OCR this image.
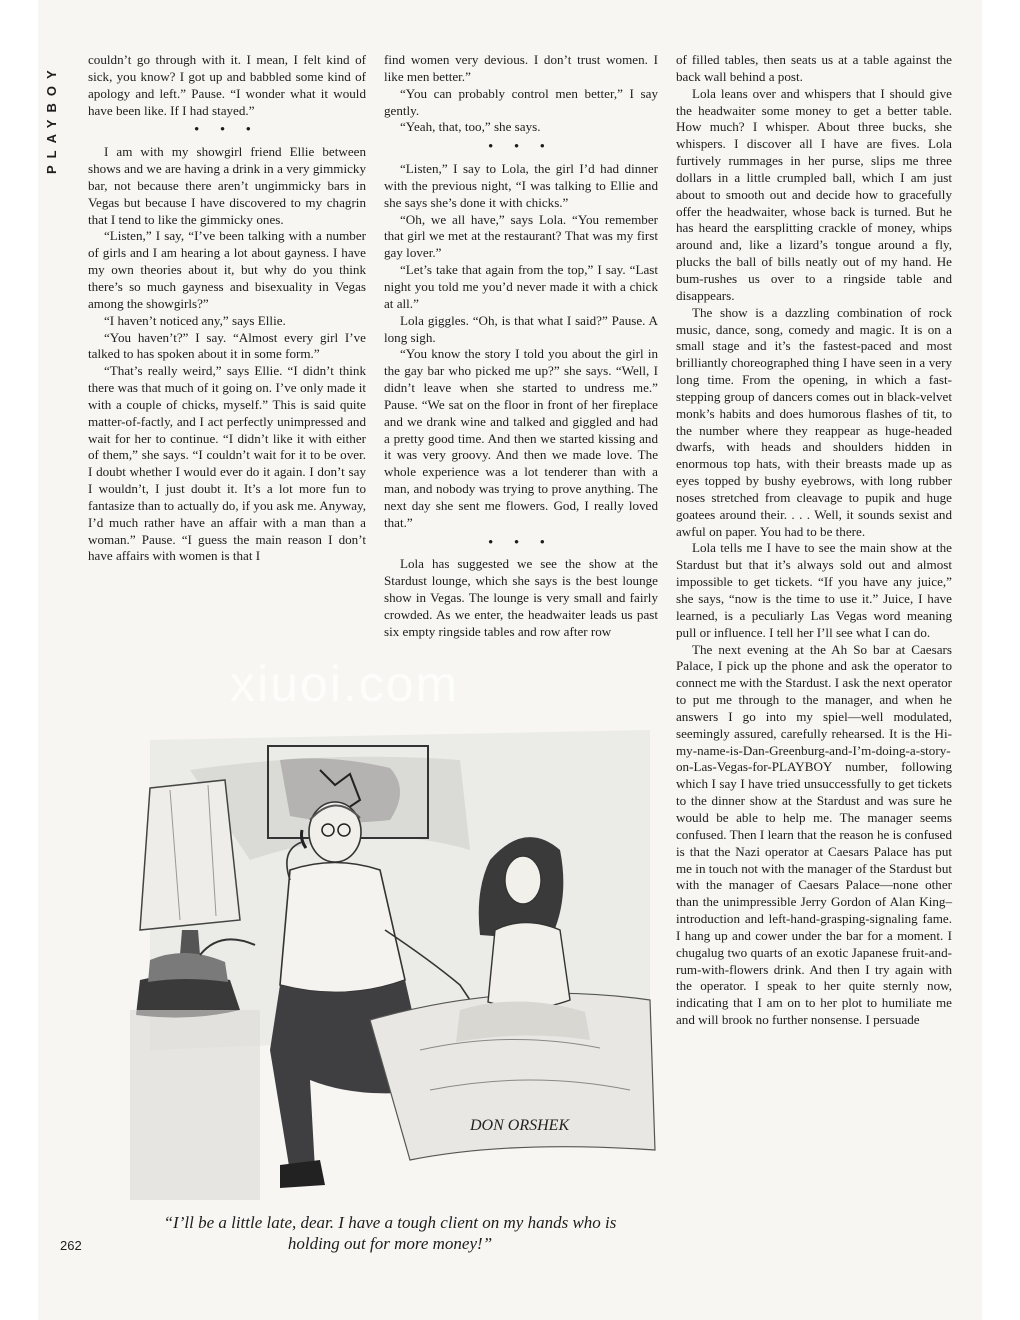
PLAYBOY

couldn’t go through with it. I mean, I felt kind of sick, you know? I got up and babbled some kind of apology and left.” Pause. “I wonder what it would have been like. If I had stayed.”

• • •

I am with my showgirl friend Ellie between shows and we are having a drink in a very gimmicky bar, not because there aren’t ungimmicky bars in Vegas but because I have discovered to my chagrin that I tend to like the gimmicky ones.

“Listen,” I say, “I’ve been talking with a number of girls and I am hearing a lot about gayness. I have my own theories about it, but why do you think there’s so much gayness and bisexuality in Vegas among the showgirls?”

“I haven’t noticed any,” says Ellie.

“You haven’t?” I say. “Almost every girl I’ve talked to has spoken about it in some form.”

“That’s really weird,” says Ellie. “I didn’t think there was that much of it going on. I’ve only made it with a couple of chicks, myself.” This is said quite matter-of-factly, and I act perfectly unimpressed and wait for her to continue. “I didn’t like it with either of them,” she says. “I couldn’t wait for it to be over. I doubt whether I would ever do it again. I don’t say I wouldn’t, I just doubt it. It’s a lot more fun to fantasize than to actually do, if you ask me. Anyway, I’d much rather have an affair with a man than a woman.” Pause. “I guess the main reason I don’t have affairs with women is that I

find women very devious. I don’t trust women. I like men better.”

“You can probably control men better,” I say gently.

“Yeah, that, too,” she says.

• • •

“Listen,” I say to Lola, the girl I’d had dinner with the previous night, “I was talking to Ellie and she says she’s done it with chicks.”

“Oh, we all have,” says Lola. “You remember that girl we met at the restaurant? That was my first gay lover.”

“Let’s take that again from the top,” I say. “Last night you told me you’d never made it with a chick at all.”

Lola giggles. “Oh, is that what I said?” Pause. A long sigh.

“You know the story I told you about the girl in the gay bar who picked me up?” she says. “Well, I didn’t leave when she started to undress me.” Pause. “We sat on the floor in front of her fireplace and we drank wine and talked and giggled and had a pretty good time. And then we started kissing and it was very groovy. And then we made love. The whole experience was a lot tenderer than with a man, and nobody was trying to prove anything. The next day she sent me flowers. God, I really loved that.”

• • •

Lola has suggested we see the show at the Stardust lounge, which she says is the best lounge show in Vegas. The lounge is very small and fairly crowded. As we enter, the headwaiter leads us past six empty ringside tables and row after row

of filled tables, then seats us at a table against the back wall behind a post.

Lola leans over and whispers that I should give the headwaiter some money to get a better table. How much? I whisper. About three bucks, she whispers. I discover all I have are fives. Lola furtively rummages in her purse, slips me three dollars in a little crumpled ball, which I am just about to smooth out and decide how to gracefully offer the headwaiter, whose back is turned. But he has heard the earsplitting crackle of money, whips around and, like a lizard’s tongue around a fly, plucks the ball of bills neatly out of my hand. He bum-rushes us over to a ringside table and disappears.

The show is a dazzling combination of rock music, dance, song, comedy and magic. It is on a small stage and it’s the fastest-paced and most brilliantly choreographed thing I have seen in a very long time. From the opening, in which a fast-stepping group of dancers comes out in black-velvet monk’s habits and does humorous flashes of tit, to the number where they reappear as huge-headed dwarfs, with heads and shoulders hidden in enormous top hats, with their breasts made up as eyes topped by bushy eyebrows, with long rubber noses stretched from cleavage to pupik and huge goatees around their. . . . Well, it sounds sexist and awful on paper. You had to be there.

Lola tells me I have to see the main show at the Stardust but that it’s always sold out and almost impossible to get tickets. “If you have any juice,” she says, “now is the time to use it.” Juice, I have learned, is a peculiarly Las Vegas word meaning pull or influence. I tell her I’ll see what I can do.

The next evening at the Ah So bar at Caesars Palace, I pick up the phone and ask the operator to connect me with the Stardust. I ask the next operator to put me through to the manager, and when he answers I go into my spiel—well modulated, seemingly assured, carefully rehearsed. It is the Hi-my-name-is-Dan-Greenburg-and-I’m-doing-a-story-on-Las-Vegas-for-PLAYBOY number, following which I say I have tried unsuccessfully to get tickets to the dinner show at the Stardust and was sure he would be able to help me. The manager seems confused. Then I learn that the reason he is confused is that the Nazi operator at Caesars Palace has put me in touch not with the manager of the Stardust but with the manager of Caesars Palace—none other than the unimpressible Jerry Gordon of Alan King–introduction and left-hand-grasping-signaling fame. I hang up and cower under the bar for a moment. I chugalug two quarts of an exotic Japanese fruit-and-rum-with-flowers drink. And then I try again with the operator. I speak to her quite sternly now, indicating that I am on to her plot to humiliate me and will brook no further nonsense. I persuade

xiuoi.com
DON ORSHEK
“I’ll be a little late, dear. I have a tough client on my hands who is holding out for more money!”
262
